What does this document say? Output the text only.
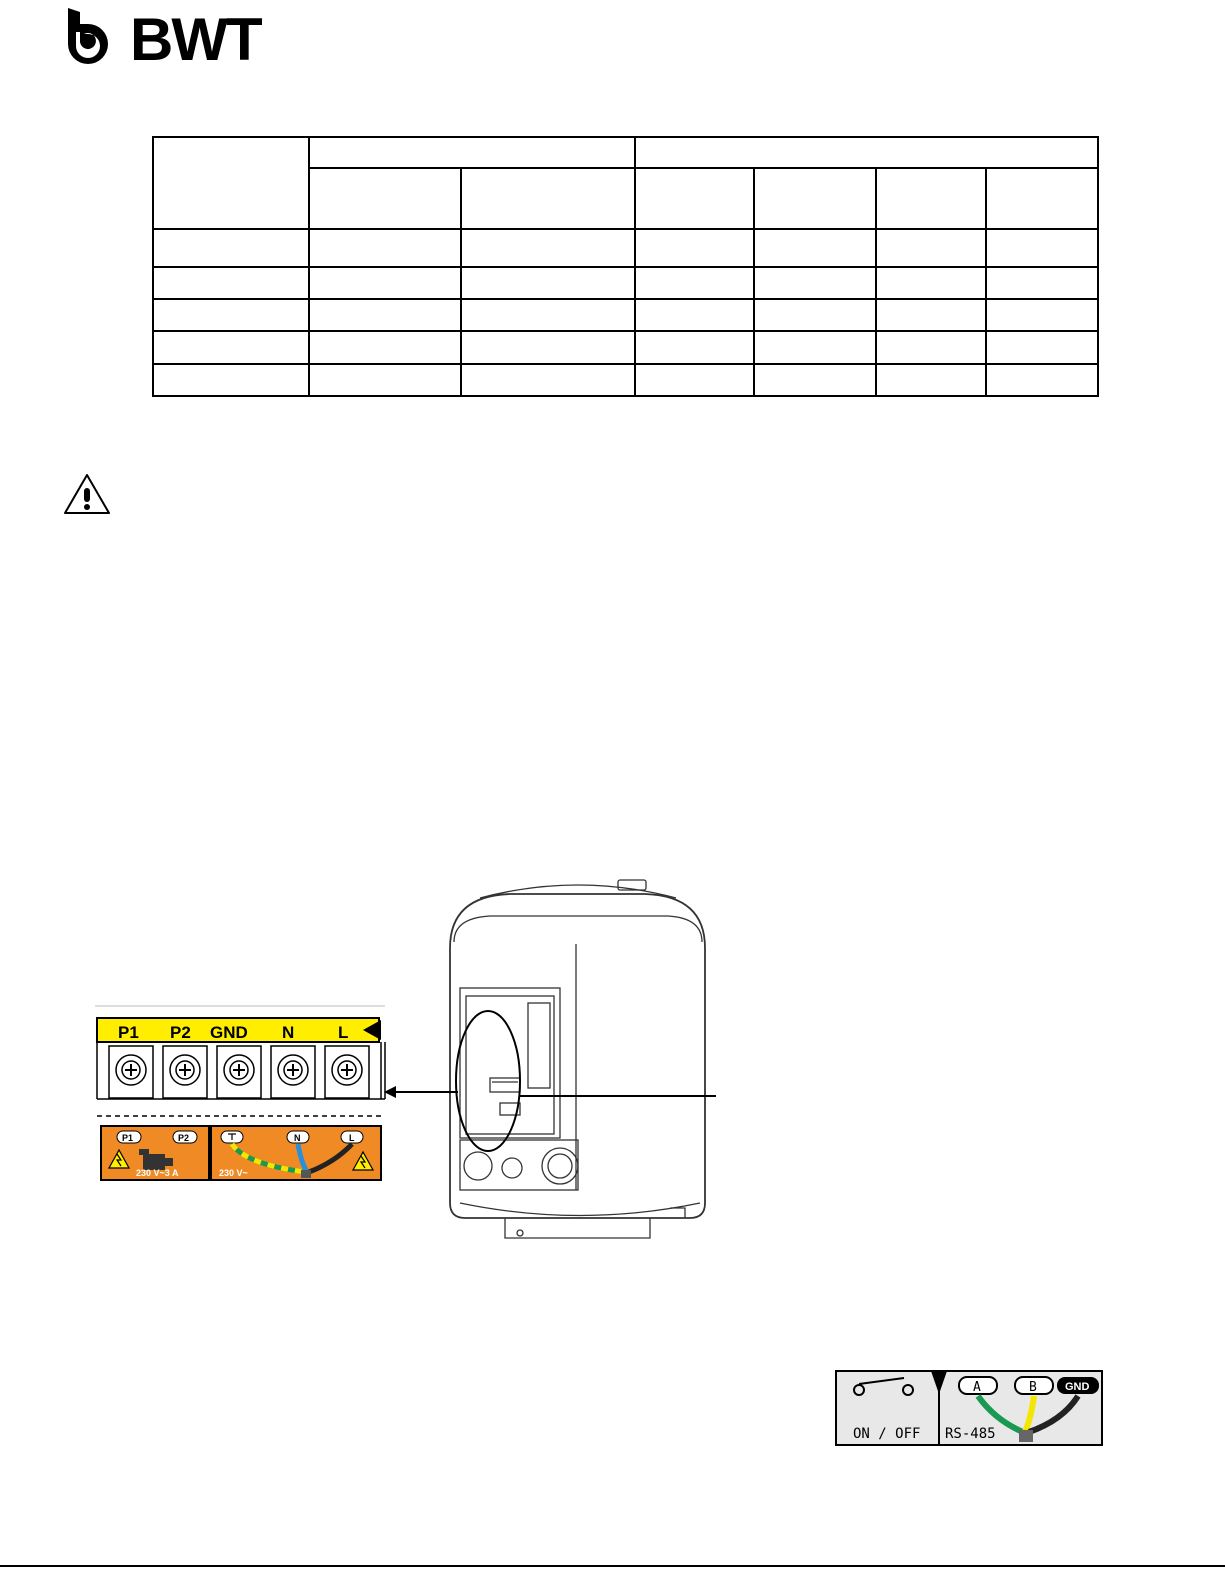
BWT

P1 P2 GND N	L
P1	P2	N	L
230 V~3 A	230 V~
ON / OFF RS-485
A	B	GND
